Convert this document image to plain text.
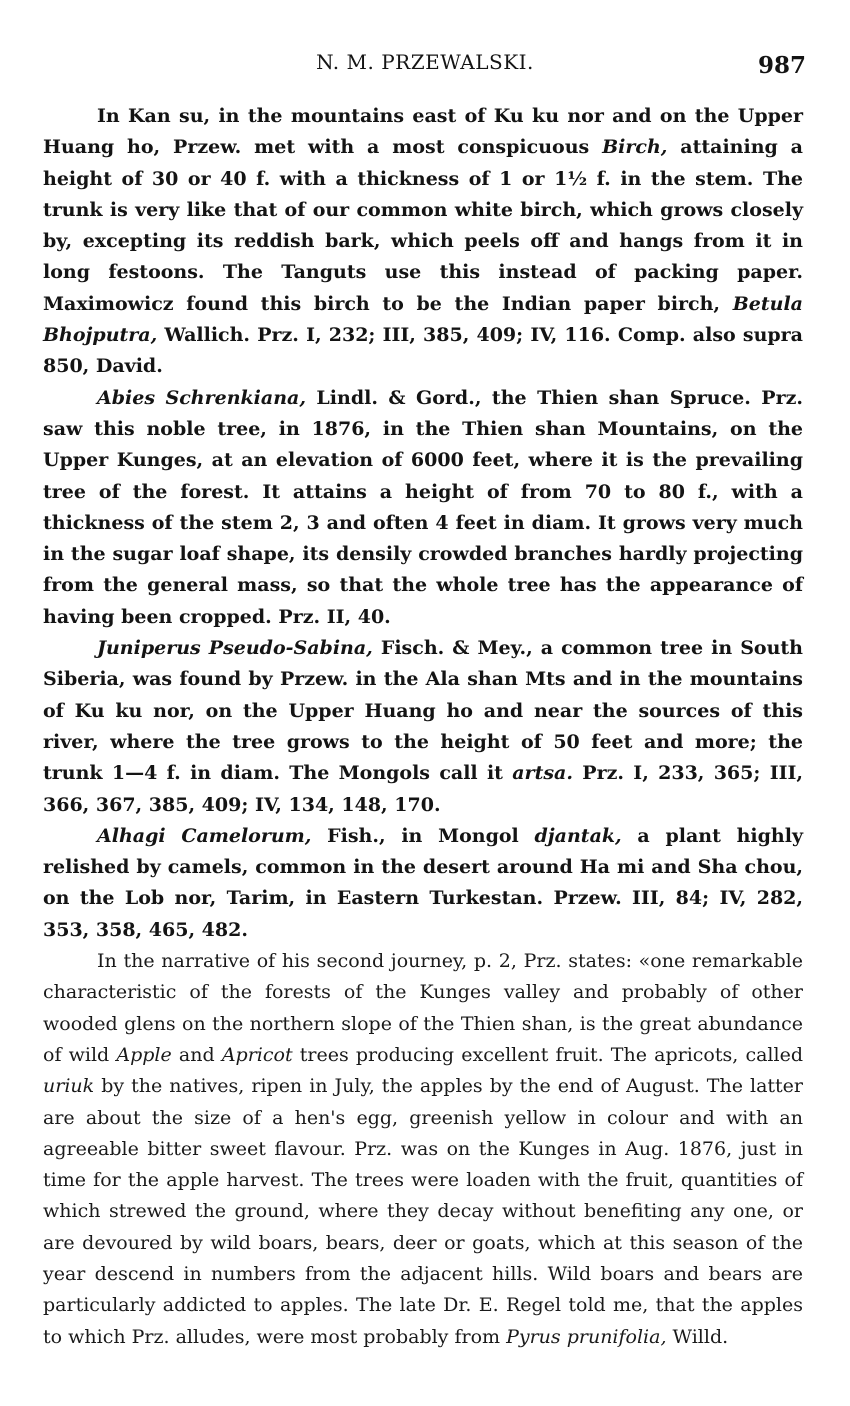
N. M. PRZEWALSKI.	987

In Kan su, in the mountains east of Ku ku nor and on the Upper Huang ho, Przew. met with a most conspicuous Birch, attaining a height of 30 or 40 f. with a thickness of 1 or 1½ f. in the stem. The trunk is very like that of our common white birch, which grows closely by, excepting its reddish bark, which peels off and hangs from it in long festoons. The Tanguts use this instead of packing paper. Maximowicz found this birch to be the Indian paper birch, Betula Bhojputra, Wallich. Prz. I, 232; III, 385, 409; IV, 116. Comp. also supra 850, David.

Abies Schrenkiana, Lindl. & Gord., the Thien shan Spruce. Prz. saw this noble tree, in 1876, in the Thien shan Mountains, on the Upper Kunges, at an elevation of 6000 feet, where it is the prevailing tree of the forest. It attains a height of from 70 to 80 f., with a thickness of the stem 2, 3 and often 4 feet in diam. It grows very much in the sugar loaf shape, its densily crowded branches hardly projecting from the general mass, so that the whole tree has the appearance of having been cropped. Prz. II, 40.

Juniperus Pseudo-Sabina, Fisch. & Mey., a common tree in South Siberia, was found by Przew. in the Ala shan Mts and in the mountains of Ku ku nor, on the Upper Huang ho and near the sources of this river, where the tree grows to the height of 50 feet and more; the trunk 1—4 f. in diam. The Mongols call it artsa. Prz. I, 233, 365; III, 366, 367, 385, 409; IV, 134, 148, 170.

Alhagi Camelorum, Fish., in Mongol djantak, a plant highly relished by camels, common in the desert around Ha mi and Sha chou, on the Lob nor, Tarim, in Eastern Turkestan. Przew. III, 84; IV, 282, 353, 358, 465, 482.

In the narrative of his second journey, p. 2, Prz. states: «one remarkable characteristic of the forests of the Kunges valley and probably of other wooded glens on the northern slope of the Thien shan, is the great abundance of wild Apple and Apricot trees producing excellent fruit. The apricots, called uriuk by the natives, ripen in July, the apples by the end of August. The latter are about the size of a hen's egg, greenish yellow in colour and with an agreeable bitter sweet flavour. Prz. was on the Kunges in Aug. 1876, just in time for the apple harvest. The trees were loaden with the fruit, quantities of which strewed the ground, where they decay without benefiting any one, or are devoured by wild boars, bears, deer or goats, which at this season of the year descend in numbers from the adjacent hills. Wild boars and bears are particularly addicted to apples. The late Dr. E. Regel told me, that the apples to which Prz. alludes, were most probably from Pyrus prunifolia, Willd.
